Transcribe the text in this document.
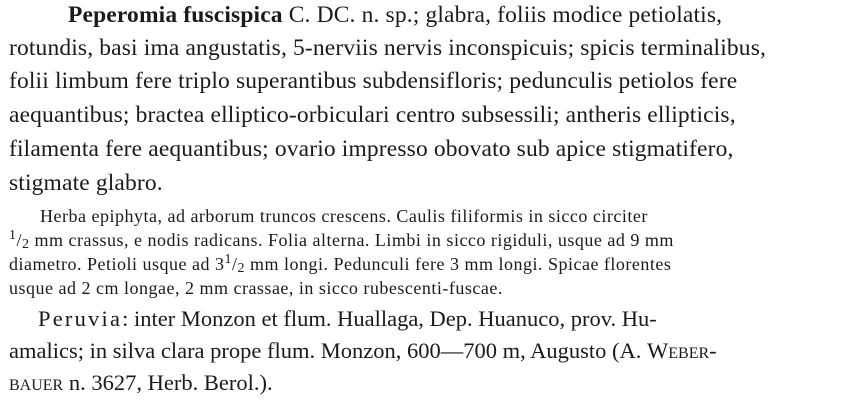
Peperomia fuscispica C. DC. n. sp.; glabra, foliis modice petiolatis,
rotundis, basi ima angustatis, 5-nerviis nervis inconspicuis; spicis terminalibus,
folii limbum fere triplo superantibus subdensifloris; pedunculis petiolos fere
aequantibus; bractea elliptico-orbiculari centro subsessili; antheris ellipticis,
filamenta fere aequantibus; ovario impresso obovato sub apice stigmatifero,
stigmate glabro.
Herba epiphyta, ad arborum truncos crescens. Caulis filiformis in sicco circiter
$^1$/2 mm crassus, e nodis radicans. Folia alterna. Limbi in sicco rigiduli, usque ad 9 mm
diametro. Petioli usque ad $3^1/2$ mm longi. Pedunculi fere 3 mm longi. Spicae florentes
usque ad 2 cm longae, 2 mm crassae, in sicco rubescenti-fuscae.
Peruvia: inter Monzon et flum. Huallaga, Dep. Huanuco, prov. Hu-
amalics; in silva clara prope flum. Monzon, 600—700 m, Augusto (A. Weber-
bauer n. 3627, Herb. Berol.).
